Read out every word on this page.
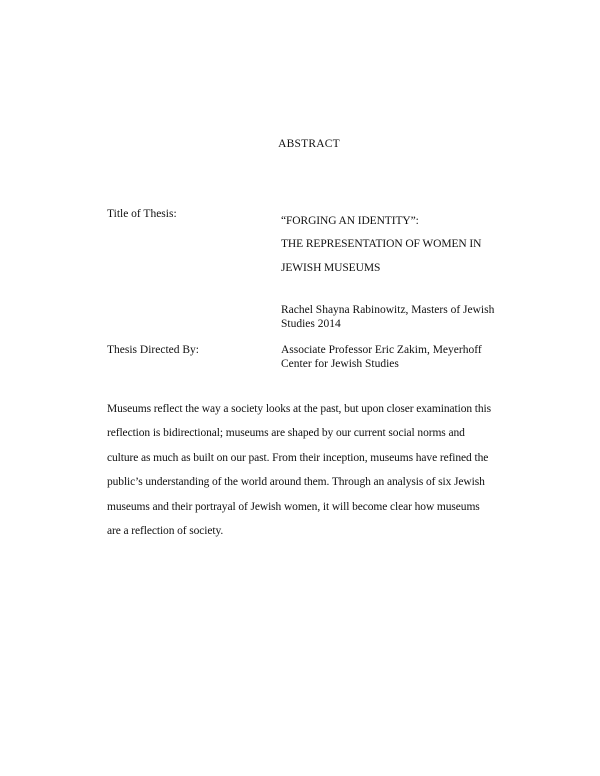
ABSTRACT
Title of Thesis:
“FORGING AN IDENTITY”:
THE REPRESENTATION OF WOMEN IN
JEWISH MUSEUMS
Rachel Shayna Rabinowitz, Masters of Jewish
Studies 2014
Thesis Directed By:	Associate Professor Eric Zakim, Meyerhoff
Center for Jewish Studies
Museums reflect the way a society looks at the past, but upon closer examination this
reflection is bidirectional; museums are shaped by our current social norms and
culture as much as built on our past. From their inception, museums have refined the
public’s understanding of the world around them. Through an analysis of six Jewish
museums and their portrayal of Jewish women, it will become clear how museums
are a reflection of society.
